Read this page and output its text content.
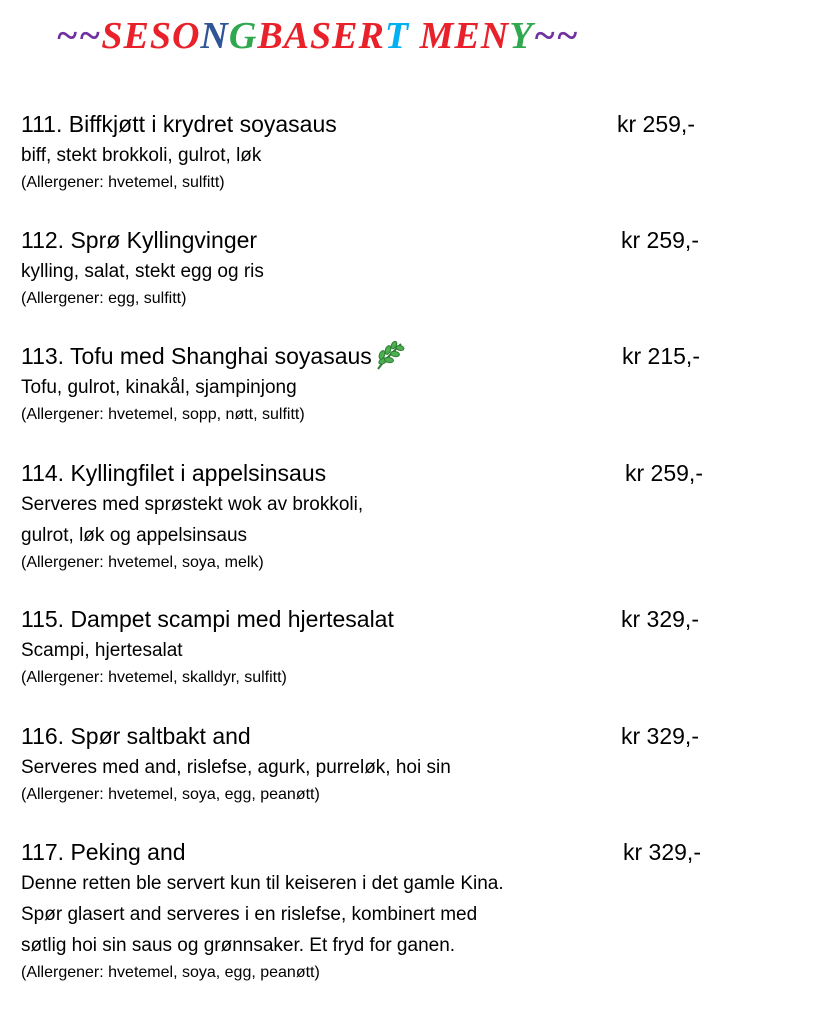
~~SESONGBASERT MENY~~
111. Biffkjøtt i krydret soyasaus	kr 259,-
biff, stekt brokkoli, gulrot, løk
(Allergener: hvetemel, sulfitt)
112. Sprø Kyllingvinger	kr 259,-
kylling, salat, stekt egg og ris
(Allergener: egg, sulfitt)
113. Tofu med Shanghai soyasaus	kr 215,-
Tofu, gulrot, kinakål, sjampinjong
(Allergener: hvetemel, sopp, nøtt, sulfitt)
114. Kyllingfilet i appelsinsaus	kr 259,-
Serveres med sprøstekt wok av brokkoli,
gulrot, løk og appelsinsaus
(Allergener: hvetemel, soya, melk)
115. Dampet scampi med hjertesalat	kr 329,-
Scampi, hjertesalat
(Allergener: hvetemel, skalldyr, sulfitt)
116. Spør saltbakt and	kr 329,-
Serveres med and, rislefse, agurk, purreløk, hoi sin
(Allergener: hvetemel, soya, egg, peanøtt)
117. Peking and	kr 329,-
Denne retten ble servert kun til keiseren i det gamle Kina.
Spør glasert and serveres i en rislefse, kombinert med
søtlig hoi sin saus og grønnsaker. Et fryd for ganen.
(Allergener: hvetemel, soya, egg, peanøtt)
